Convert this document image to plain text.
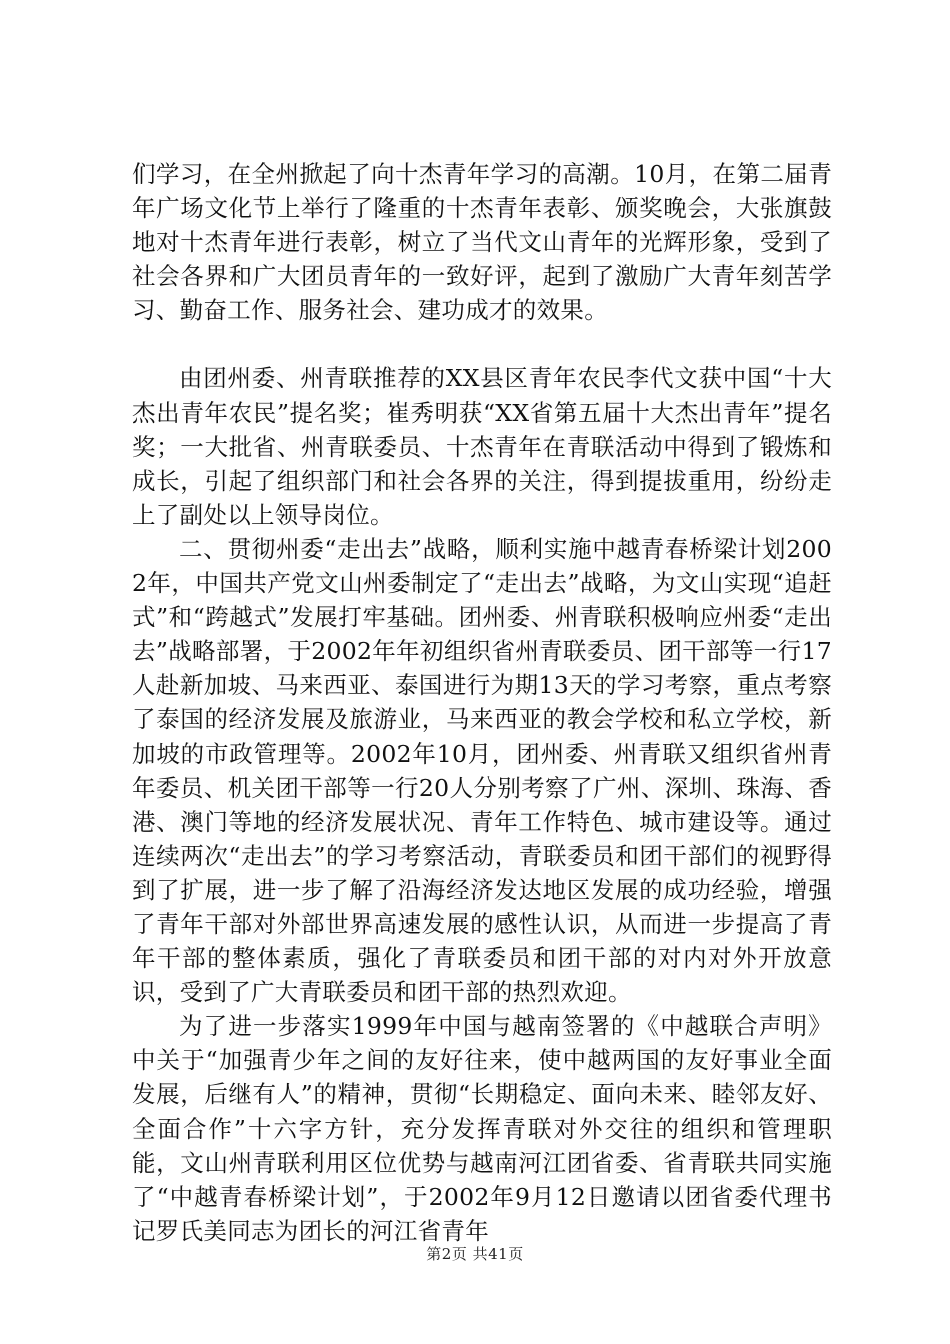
们学习，在全州掀起了向十杰青年学习的高潮。10月，在第二届青年广场文化节上举行了隆重的十杰青年表彰、颁奖晚会，大张旗鼓地对十杰青年进行表彰，树立了当代文山青年的光辉形象，受到了社会各界和广大团员青年的一致好评，起到了激励广大青年刻苦学习、勤奋工作、服务社会、建功成才的效果。

由团州委、州青联推荐的XX县区青年农民李代文获中国“十大杰出青年农民”提名奖；崔秀明获“XX省第五届十大杰出青年”提名奖；一大批省、州青联委员、十杰青年在青联活动中得到了锻炼和成长，引起了组织部门和社会各界的关注，得到提拔重用，纷纷走上了副处以上领导岗位。

二、贯彻州委“走出去”战略，顺利实施中越青春桥梁计划2002年，中国共产党文山州委制定了“走出去”战略，为文山实现“追赶式”和“跨越式”发展打牢基础。团州委、州青联积极响应州委“走出去”战略部署，于2002年年初组织省州青联委员、团干部等一行17人赴新加坡、马来西亚、泰国进行为期13天的学习考察，重点考察了泰国的经济发展及旅游业，马来西亚的教会学校和私立学校，新加坡的市政管理等。2002年10月，团州委、州青联又组织省州青年委员、机关团干部等一行20人分别考察了广州、深圳、珠海、香港、澳门等地的经济发展状况、青年工作特色、城市建设等。通过连续两次“走出去”的学习考察活动，青联委员和团干部们的视野得到了扩展，进一步了解了沿海经济发达地区发展的成功经验，增强了青年干部对外部世界高速发展的感性认识，从而进一步提高了青年干部的整体素质，强化了青联委员和团干部的对内对外开放意识，受到了广大青联委员和团干部的热烈欢迎。

为了进一步落实1999年中国与越南签署的《中越联合声明》中关于“加强青少年之间的友好往来，使中越两国的友好事业全面发展，后继有人”的精神，贯彻“长期稳定、面向未来、睦邻友好、全面合作”十六字方针，充分发挥青联对外交往的组织和管理职能，文山州青联利用区位优势与越南河江团省委、省青联共同实施了“中越青春桥梁计划”，于2002年9月12日邀请以团省委代理书记罗氏美同志为团长的河江省青年

第2页 共41页
